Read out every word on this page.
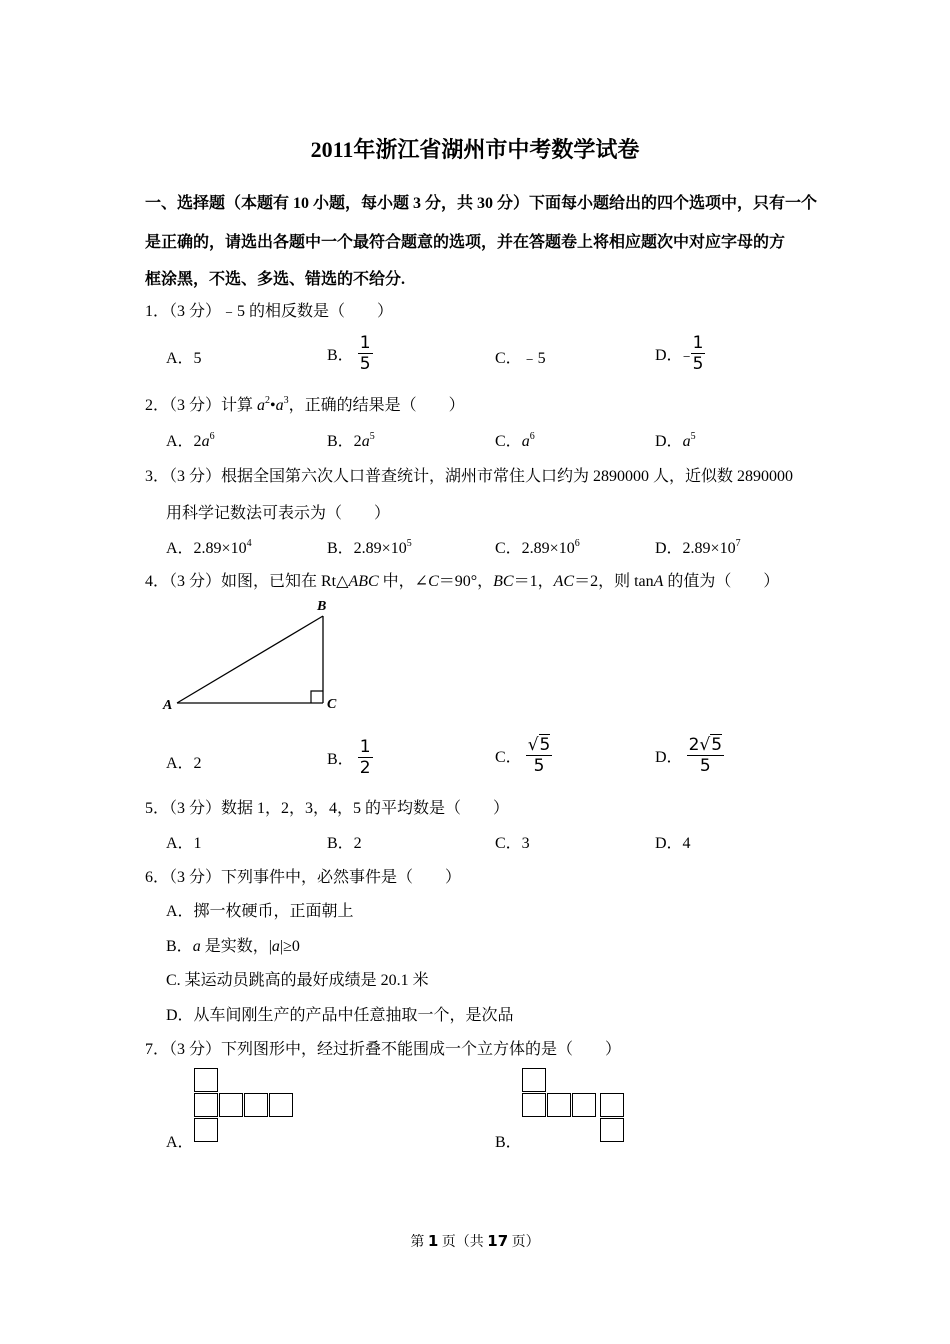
2011年浙江省湖州市中考数学试卷
一、选择题（本题有 10 小题，每小题 3 分，共 30 分）下面每小题给出的四个选项中，只有一个
是正确的，请选出各题中一个最符合题意的选项，并在答题卷上将相应题次中对应字母的方
框涂黑，不选、多选、错选的不给分.
1．（3 分）﹣5 的相反数是（　　）
A．5	B． $\frac{1}{5}$	C．﹣5	D．﹣
$\frac{1}{5}$
2．（3 分）计算 $a^2•a^3$，正确的结果是（　　）
A．$2a^6$	B．$2a^5$	C．$a^6$	D．$a^5$
3．（3 分）根据全国第六次人口普查统计，湖州市常住人口约为 2890000 人，近似数 2890000
用科学记数法可表示为（　　）
A．$2.89\times 10^4$	B．$2.89\times 10^5$	C．$2.89\times 10^6$	D．$2.89\times 10^7$
4．（3 分）如图，已知在 Rt△ABC 中，∠C＝90°，BC＝1，AC＝2，则 tanA 的值为（　　）
A
B
C
A．2	B． $\frac{1}{2}$	C． $\frac{√5}{5}$	D． $\frac{2√5}{5}$
5．（3 分）数据 1，2，3，4，5 的平均数是（　　）
A．1	B．2	C．3	D．4
6．（3 分）下列事件中，必然事件是（　　）
A．掷一枚硬币，正面朝上
B．a 是实数，|a|≥0
C. 某运动员跳高的最好成绩是 20.1 米
D．从车间刚生产的产品中任意抽取一个，是次品
7．（3 分）下列图形中，经过折叠不能围成一个立方体的是（　　）
A．	B．
第 1 页（共 17 页）
